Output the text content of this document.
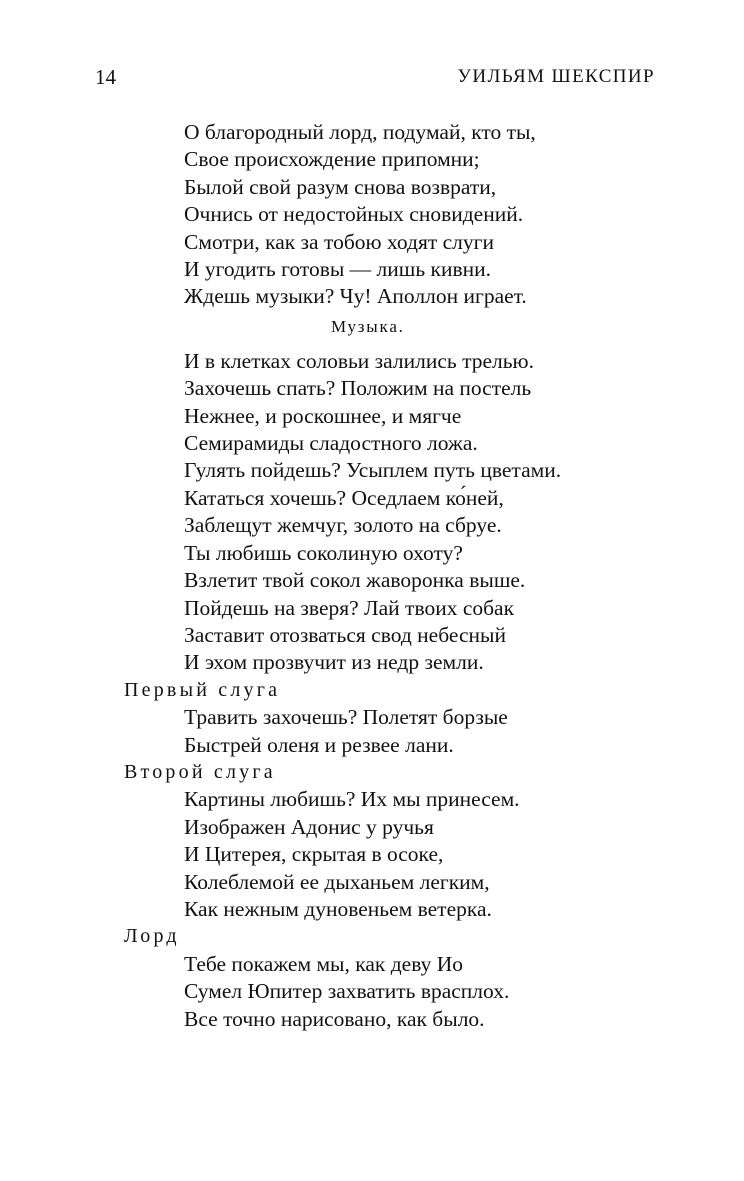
14	УИЛЬЯМ ШЕКСПИР
О благородный лорд, подумай, кто ты,
Свое происхождение припомни;
Былой свой разум снова возврати,
Очнись от недостойных сновидений.
Смотри, как за тобою ходят слуги
И угодить готовы — лишь кивни.
Ждешь музыки? Чу! Аполлон играет.
Музыка.
И в клетках соловьи залились трелью.
Захочешь спать? Положим на постель
Нежнее, и роскошнее, и мягче
Семирамиды сладостного ложа.
Гулять пойдешь? Усыплем путь цветами.
Кататься хочешь? Оседлаем ко́ней,
Заблещут жемчуг, золото на сбруе.
Ты любишь соколиную охоту?
Взлетит твой сокол жаворонка выше.
Пойдешь на зверя? Лай твоих собак
Заставит отозваться свод небесный
И эхом прозвучит из недр земли.
Первый слуга
Травить захочешь? Полетят борзые
Быстрей оленя и резвее лани.
Второй слуга
Картины любишь? Их мы принесем.
Изображен Адонис у ручья
И Цитерея, скрытая в осоке,
Колеблемой ее дыханьем легким,
Как нежным дуновеньем ветерка.
Лорд
Тебе покажем мы, как деву Ио
Сумел Юпитер захватить врасплох.
Все точно нарисовано, как было.
